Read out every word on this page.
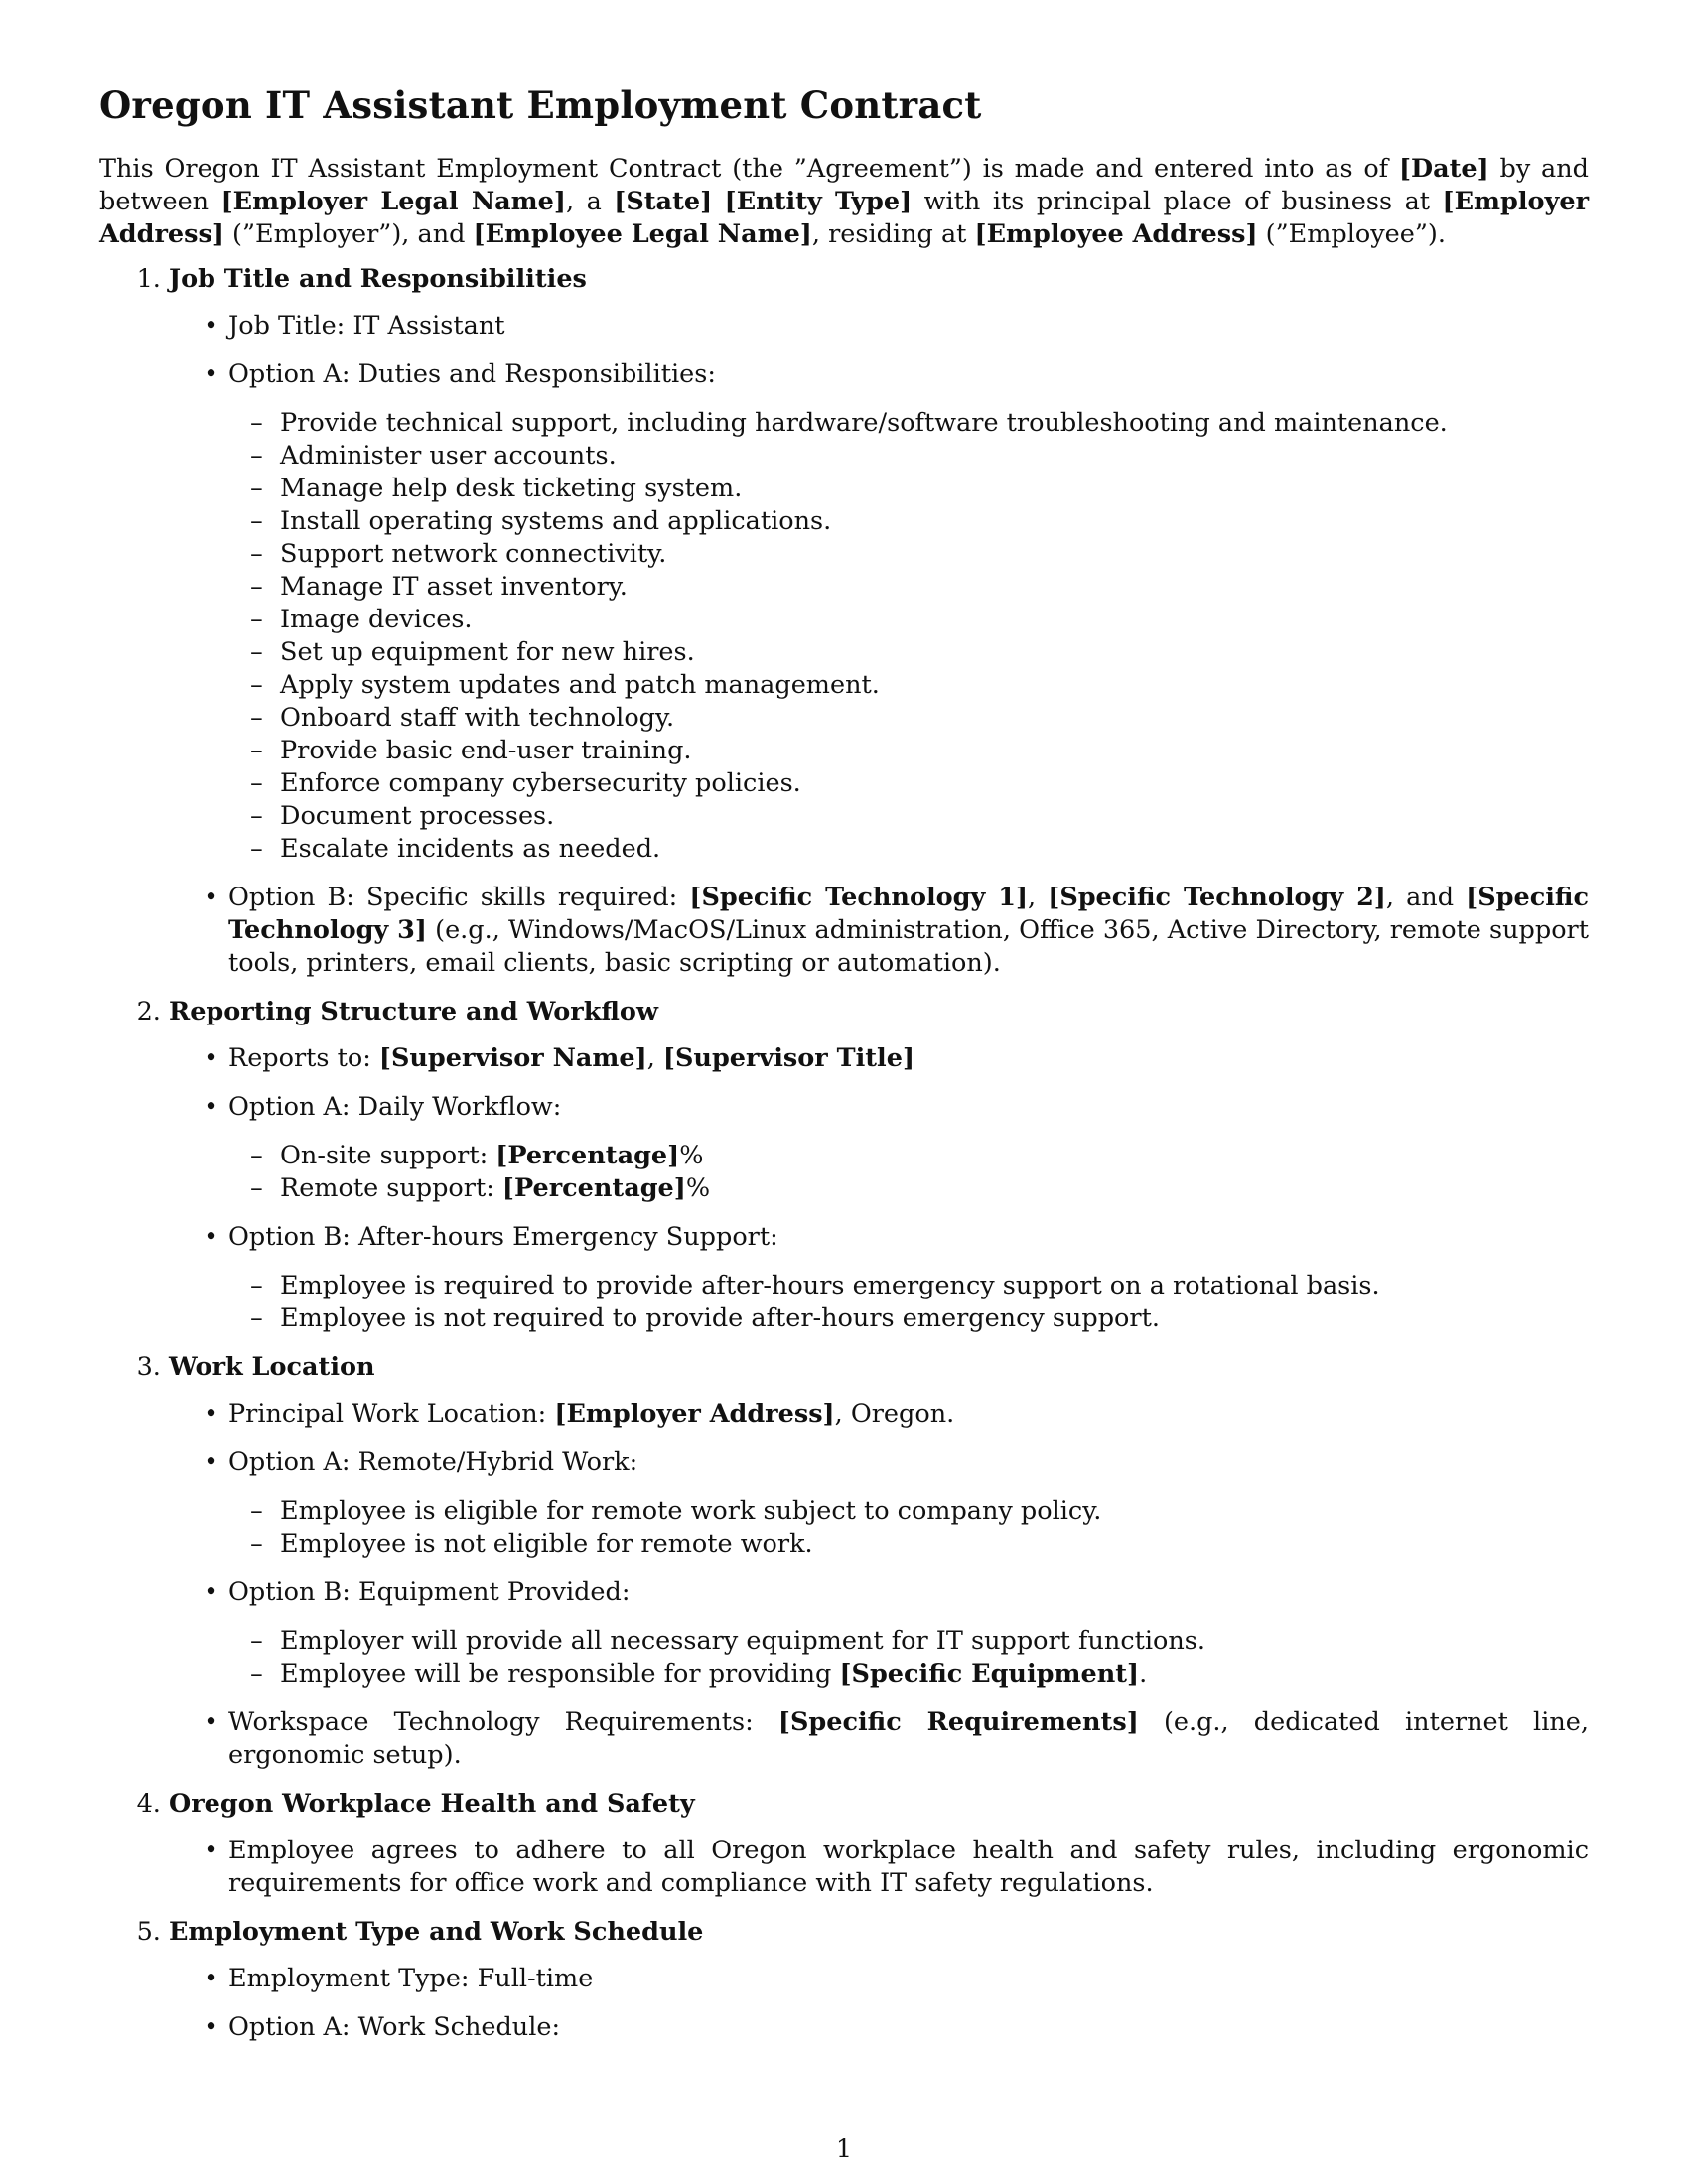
Oregon IT Assistant Employment Contract

This Oregon IT Assistant Employment Contract (the ”Agreement”) is made and entered into as of [Date] by and between [Employer Legal Name], a [State] [Entity Type] with its principal place of business at [Employer Address] (”Employer”), and [Employee Legal Name], residing at [Employee Address] (”Employee”).

1. Job Title and Responsibilities
• Job Title: IT Assistant
• Option A: Duties and Responsibilities:
– Provide technical support, including hardware/software troubleshooting and maintenance.
– Administer user accounts.
– Manage help desk ticketing system.
– Install operating systems and applications.
– Support network connectivity.
– Manage IT asset inventory.
– Image devices.
– Set up equipment for new hires.
– Apply system updates and patch management.
– Onboard staff with technology.
– Provide basic end-user training.
– Enforce company cybersecurity policies.
– Document processes.
– Escalate incidents as needed.
• Option B: Specific skills required: [Specific Technology 1], [Specific Technology 2], and [Specific Technology 3] (e.g., Windows/MacOS/Linux administration, Office 365, Active Directory, remote support tools, printers, email clients, basic scripting or automation).
2. Reporting Structure and Workflow
• Reports to: [Supervisor Name], [Supervisor Title]
• Option A: Daily Workflow:
– On-site support: [Percentage]%
– Remote support: [Percentage]%
• Option B: After-hours Emergency Support:
– Employee is required to provide after-hours emergency support on a rotational basis.
– Employee is not required to provide after-hours emergency support.
3. Work Location
• Principal Work Location: [Employer Address], Oregon.
• Option A: Remote/Hybrid Work:
– Employee is eligible for remote work subject to company policy.
– Employee is not eligible for remote work.
• Option B: Equipment Provided:
– Employer will provide all necessary equipment for IT support functions.
– Employee will be responsible for providing [Specific Equipment].
• Workspace Technology Requirements: [Specific Requirements] (e.g., dedicated internet line, ergonomic setup).
4. Oregon Workplace Health and Safety
• Employee agrees to adhere to all Oregon workplace health and safety rules, including ergonomic requirements for office work and compliance with IT safety regulations.
5. Employment Type and Work Schedule
• Employment Type: Full-time
• Option A: Work Schedule:
1
